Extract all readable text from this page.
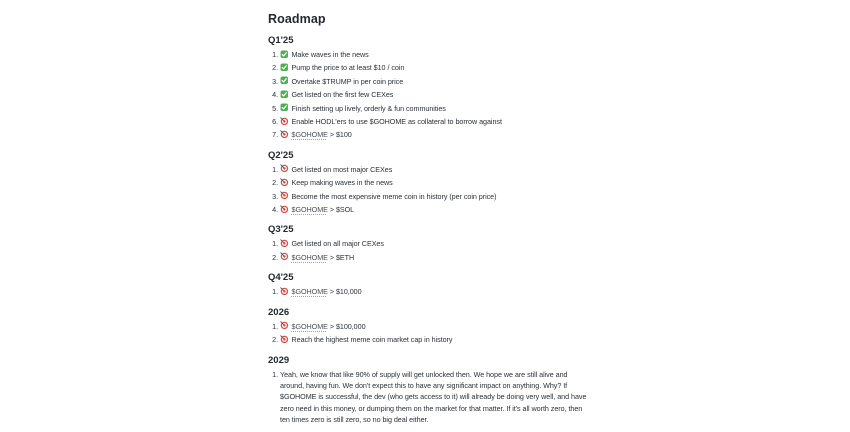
Roadmap
Q1'25
1. Make waves in the news
2. Pump the price to at least $10 / coin
3. Overtake $TRUMP in per coin price
4. Get listed on the first few CEXes
5. Finish setting up lively, orderly & fun communities
6. Enable HODL'ers to use $GOHOME as collateral to borrow against
7. $GOHOME > $100
Q2'25
1. Get listed on most major CEXes
2. Keep making waves in the news
3. Become the most expensive meme coin in history (per coin price)
4. $GOHOME > $SOL
Q3'25
1. Get listed on all major CEXes
2. $GOHOME > $ETH
Q4'25
1. $GOHOME > $10,000
2026
1. $GOHOME > $100,000
2. Reach the highest meme coin market cap in history
2029
1. Yeah, we know that like 90% of supply will get unlocked then. We hope we are still alive and around, having fun. We don't expect this to have any significant impact on anything. Why? If $GOHOME is successful, the dev (who gets access to it) will already be doing very well, and have zero need in this money, or dumping them on the market for that matter. If it's all worth zero, then ten times zero is still zero, so no big deal either.
